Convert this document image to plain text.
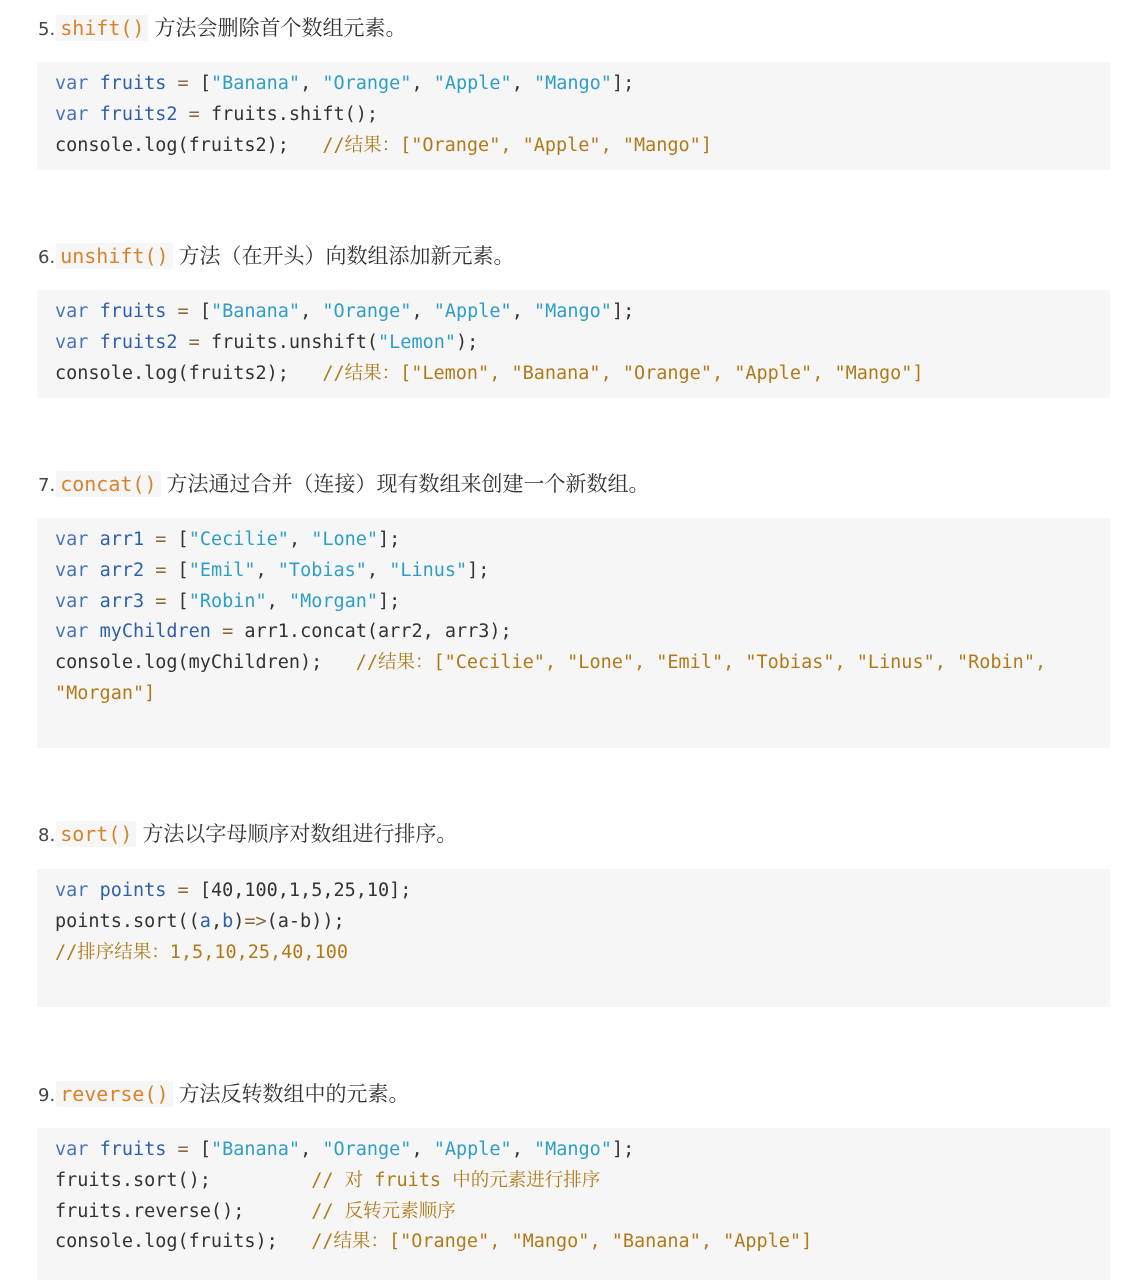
5. shift() 方法会删除首个数组元素。
var fruits = ["Banana", "Orange", "Apple", "Mango"];
var fruits2 = fruits.shift();
console.log(fruits2);   //结果：["Orange", "Apple", "Mango"]
6. unshift() 方法（在开头）向数组添加新元素。
var fruits = ["Banana", "Orange", "Apple", "Mango"];
var fruits2 = fruits.unshift("Lemon");
console.log(fruits2);   //结果：["Lemon", "Banana", "Orange", "Apple", "Mango"]
7. concat() 方法通过合并（连接）现有数组来创建一个新数组。
var arr1 = ["Cecilie", "Lone"];
var arr2 = ["Emil", "Tobias", "Linus"];
var arr3 = ["Robin", "Morgan"];
var myChildren = arr1.concat(arr2, arr3);
console.log(myChildren);   //结果：["Cecilie", "Lone", "Emil", "Tobias", "Linus", "Robin",
"Morgan"]
8. sort() 方法以字母顺序对数组进行排序。
var points = [40,100,1,5,25,10];
points.sort((a,b)=>(a-b));
//排序结果：1,5,10,25,40,100
9. reverse() 方法反转数组中的元素。
var fruits = ["Banana", "Orange", "Apple", "Mango"];
fruits.sort();         // 对 fruits 中的元素进行排序
fruits.reverse();      // 反转元素顺序
console.log(fruits);   //结果：["Orange", "Mango", "Banana", "Apple"]
